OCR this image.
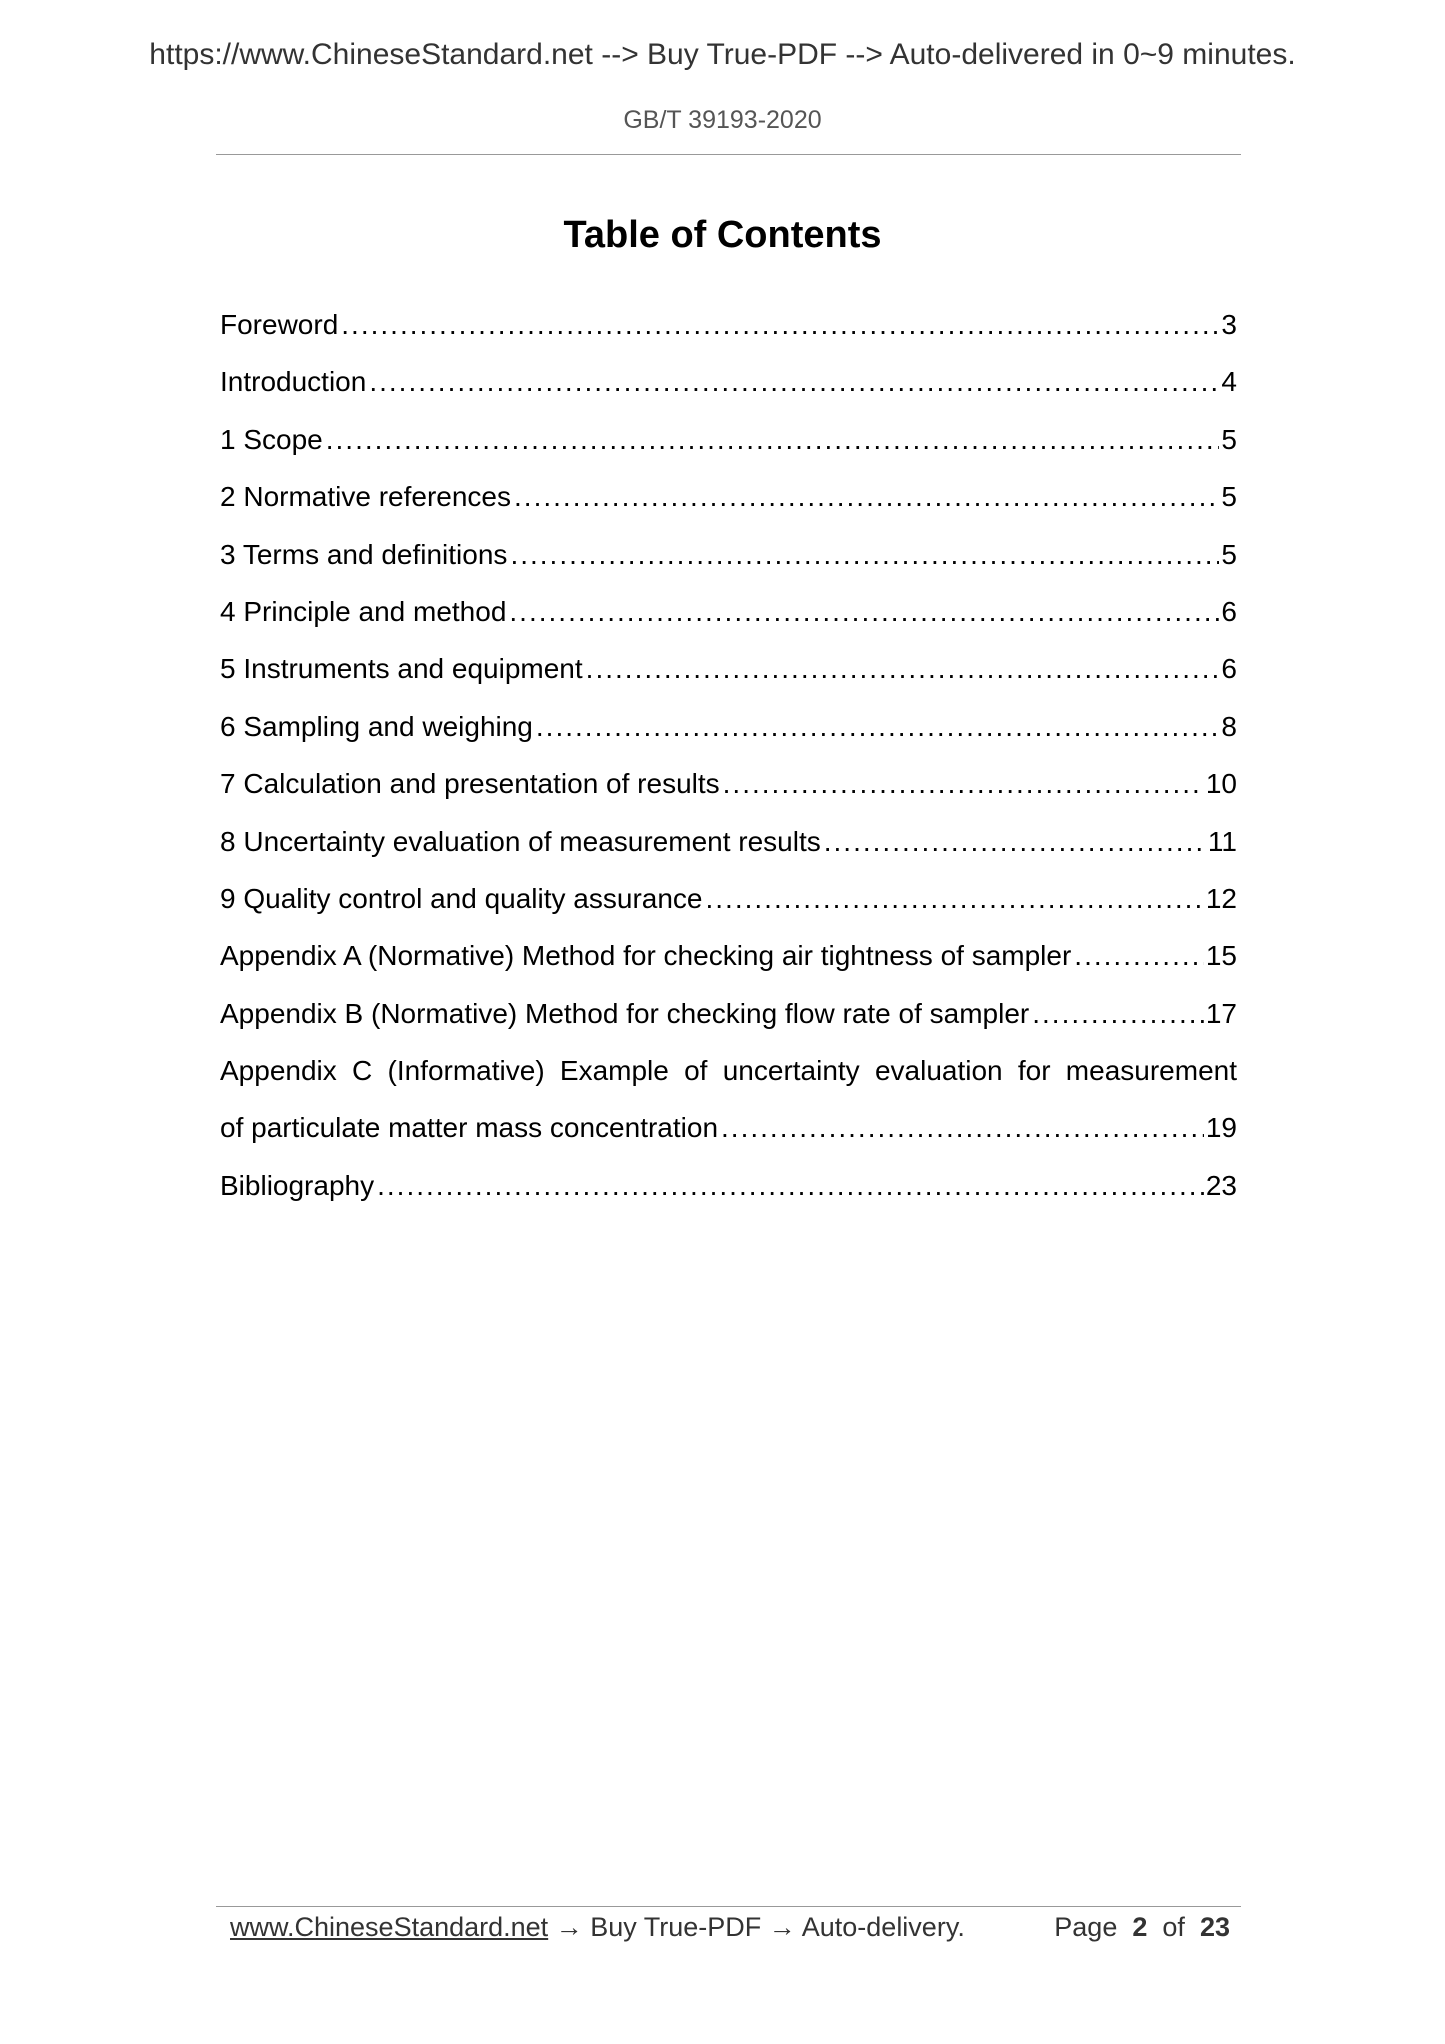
https://www.ChineseStandard.net --> Buy True-PDF --> Auto-delivered in 0~9 minutes.
GB/T 39193-2020
Table of Contents
Foreword .....	3
Introduction .....	4
1 Scope .....	5
2 Normative references .....	5
3 Terms and definitions .....	5
4 Principle and method .....	6
5 Instruments and equipment .....	6
6 Sampling and weighing .....	8
7 Calculation and presentation of results .....	10
8 Uncertainty evaluation of measurement results .....	11
9 Quality control and quality assurance .....	12
Appendix A (Normative) Method for checking air tightness of sampler .....	15
Appendix B (Normative) Method for checking flow rate of sampler .....	17
Appendix C (Informative) Example of uncertainty evaluation for measurement
of particulate matter mass concentration .....	19
Bibliography .....	23
www.ChineseStandard.net → Buy True-PDF → Auto-delivery.	Page 2 of 23
